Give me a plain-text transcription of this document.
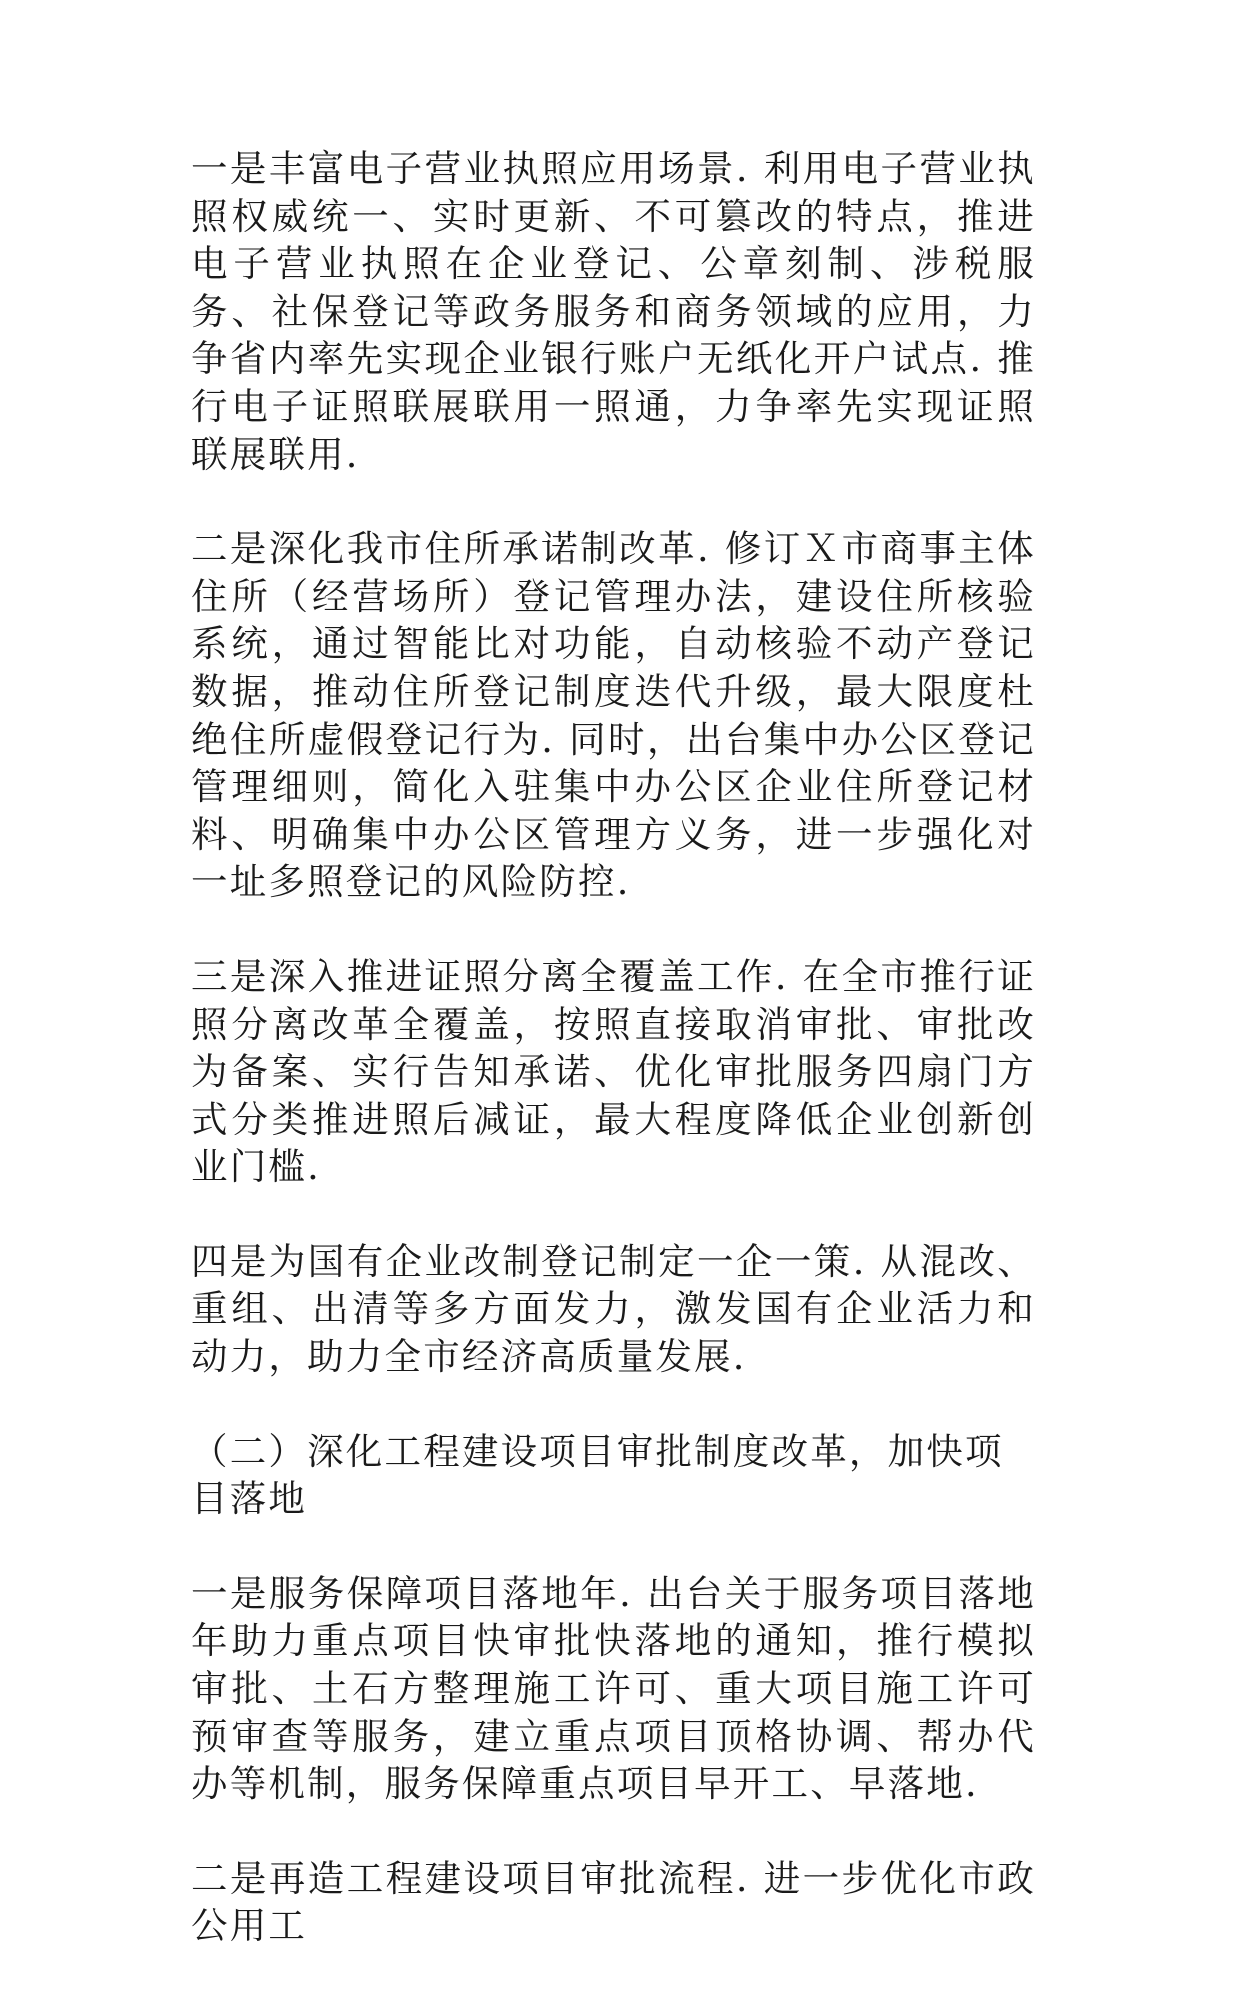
一是丰富电子营业执照应用场景. 利用电子营业执照权威统一、实时更新、不可篡改的特点，推进电子营业执照在企业登记、公章刻制、涉税服务、社保登记等政务服务和商务领域的应用，力争省内率先实现企业银行账户无纸化开户试点. 推行电子证照联展联用一照通，力争率先实现证照联展联用.

二是深化我市住所承诺制改革. 修订Ｘ市商事主体住所（经营场所）登记管理办法，建设住所核验系统，通过智能比对功能，自动核验不动产登记数据，推动住所登记制度迭代升级，最大限度杜绝住所虚假登记行为. 同时，出台集中办公区登记管理细则，简化入驻集中办公区企业住所登记材料、明确集中办公区管理方义务，进一步强化对一址多照登记的风险防控.

三是深入推进证照分离全覆盖工作. 在全市推行证照分离改革全覆盖，按照直接取消审批、审批改为备案、实行告知承诺、优化审批服务四扇门方式分类推进照后减证，最大程度降低企业创新创业门槛.

四是为国有企业改制登记制定一企一策. 从混改、重组、出清等多方面发力，激发国有企业活力和动力，助力全市经济高质量发展.

（二）深化工程建设项目审批制度改革，加快项目落地

一是服务保障项目落地年. 出台关于服务项目落地年助力重点项目快审批快落地的通知，推行模拟审批、土石方整理施工许可、重大项目施工许可预审查等服务，建立重点项目顶格协调、帮办代办等机制，服务保障重点项目早开工、早落地.

二是再造工程建设项目审批流程. 进一步优化市政公用工
